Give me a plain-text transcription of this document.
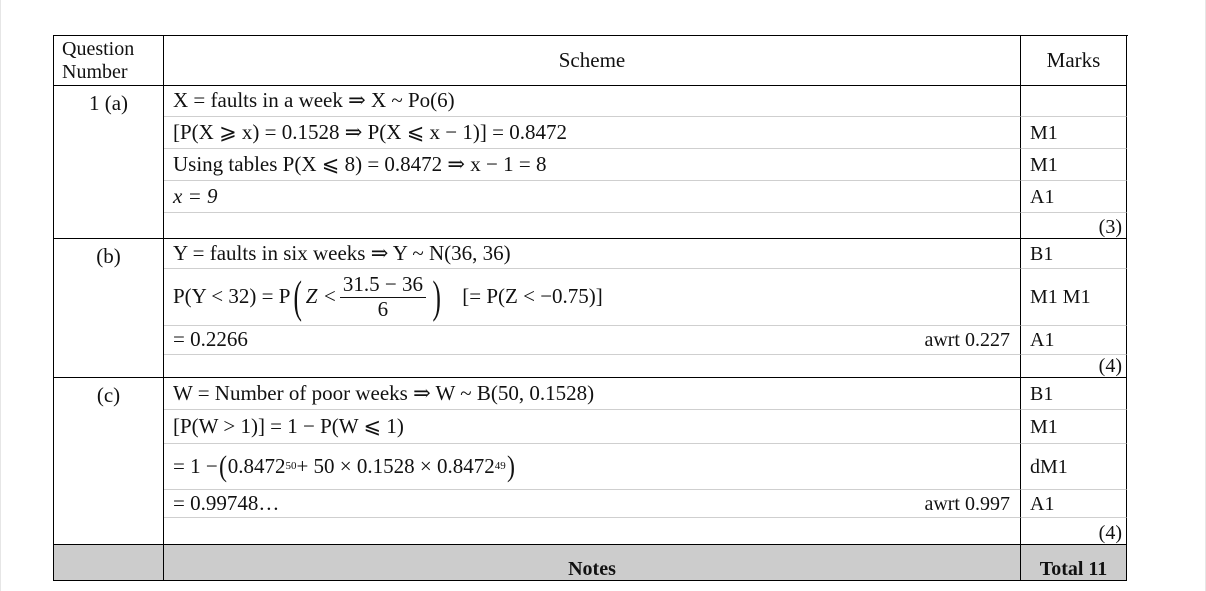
Question
Number	Scheme	Marks
1 (a)	X = faults in a week ⇒ X ~ Po(6)
[P(X ⩾ x) = 0.1528 ⇒ P(X ⩽ x − 1)] = 0.8472	M1
Using tables P(X ⩽ 8) = 0.8472 ⇒ x − 1 = 8	M1
x = 9	A1
(3)
(b)	Y = faults in six weeks ⇒ Y ~ N(36, 36)	B1
P(Y < 32) = P ( $Z < \frac{31.5 - 36}{6}$ ) [= P(Z < −0.75)]	M1 M1
= 0.2266	awrt 0.227	A1
(4)
(c)	W = Number of poor weeks ⇒ W ~ B(50, 0.1528)	B1
[P(W > 1)] = 1 − P(W ⩽ 1)	M1
= 1 − ( 0.8472 50 + 50 × 0.1528 × 0.8472 49 )	dM1
= 0.99748…	awrt 0.997	A1
(4)
Notes	Total 11
